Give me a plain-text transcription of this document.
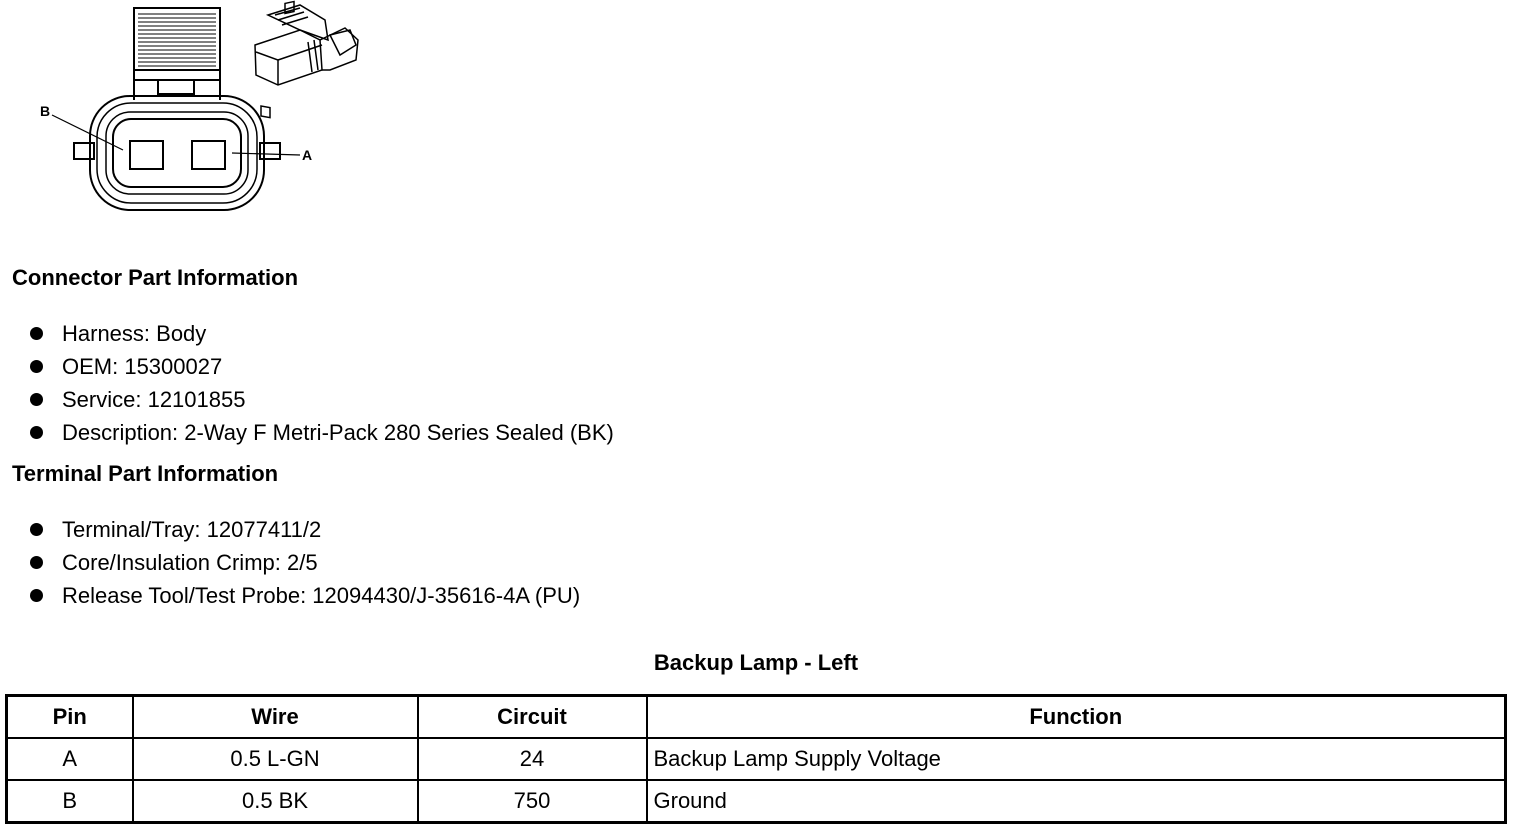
B
A
Connector Part Information
Harness: Body
OEM: 15300027
Service: 12101855
Description: 2-Way F Metri-Pack 280 Series Sealed (BK)
Terminal Part Information
Terminal/Tray: 12077411/2
Core/Insulation Crimp: 2/5
Release Tool/Test Probe: 12094430/J-35616-4A (PU)
Backup Lamp - Left
Pin	Wire	Circuit	Function
A	0.5 L-GN	24	Backup Lamp Supply Voltage
B	0.5 BK	750	Ground
